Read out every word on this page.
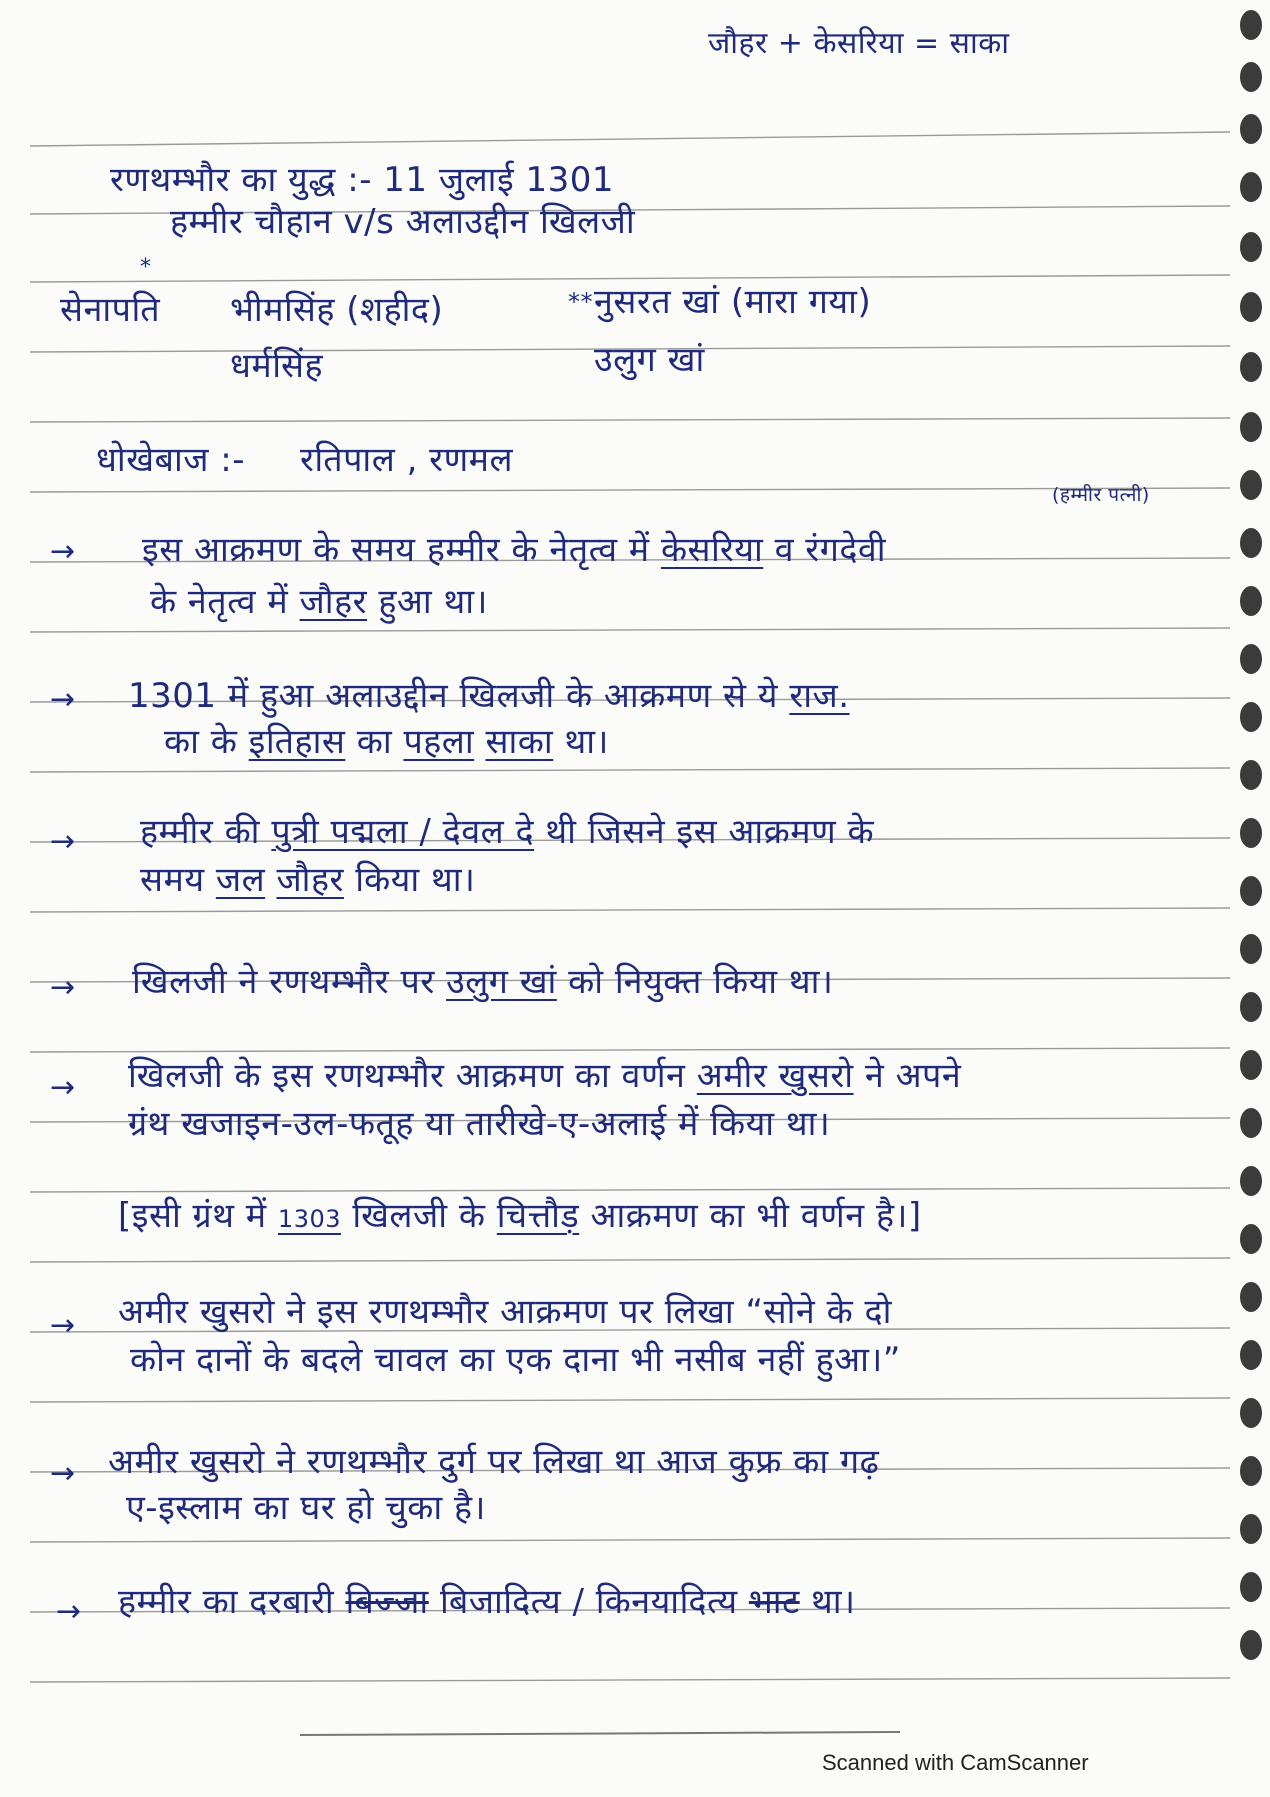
जौहर + केसरिया = साका
रणथम्भौर का युद्ध :- 11 जुलाई 1301
हम्मीर चौहान v/s अलाउद्दीन खिलजी
*
सेनापति भीमसिंह (शहीद)
धर्मसिंह
** नुसरत खां (मारा गया)
उलुग खां
धोखेबाज :- रतिपाल , रणमल
(हम्मीर पत्नी)
→ इस आक्रमण के समय हम्मीर के नेतृत्व में केसरिया व रंगदेवी
के नेतृत्व में जौहर हुआ था।
→ 1301 में हुआ अलाउद्दीन खिलजी के आक्रमण से ये राज.
का के इतिहास का पहला साका था।
→ हम्मीर की पुत्री पद्मला / देवल दे थी जिसने इस आक्रमण के
समय जल जौहर किया था।
→ खिलजी ने रणथम्भौर पर उलुग खां को नियुक्त किया था।
→ खिलजी के इस रणथम्भौर आक्रमण का वर्णन अमीर खुसरो ने अपने
ग्रंथ खजाइन-उल-फतूह या तारीखे-ए-अलाई में किया था।
[इसी ग्रंथ में 1303 खिलजी के चित्तौड़ आक्रमण का भी वर्णन है।]
→ अमीर खुसरो ने इस रणथम्भौर आक्रमण पर लिखा “सोने के दो
कोन दानों के बदले चावल का एक दाना भी नसीब नहीं हुआ।”
→ अमीर खुसरो ने रणथम्भौर दुर्ग पर लिखा था आज कुफ्र का गढ़
ए-इस्लाम का घर हो चुका है।
→ हम्मीर का दरबारी बिज्जा बिजादित्य / किनयादित्य भाट था।
Scanned with CamScanner
